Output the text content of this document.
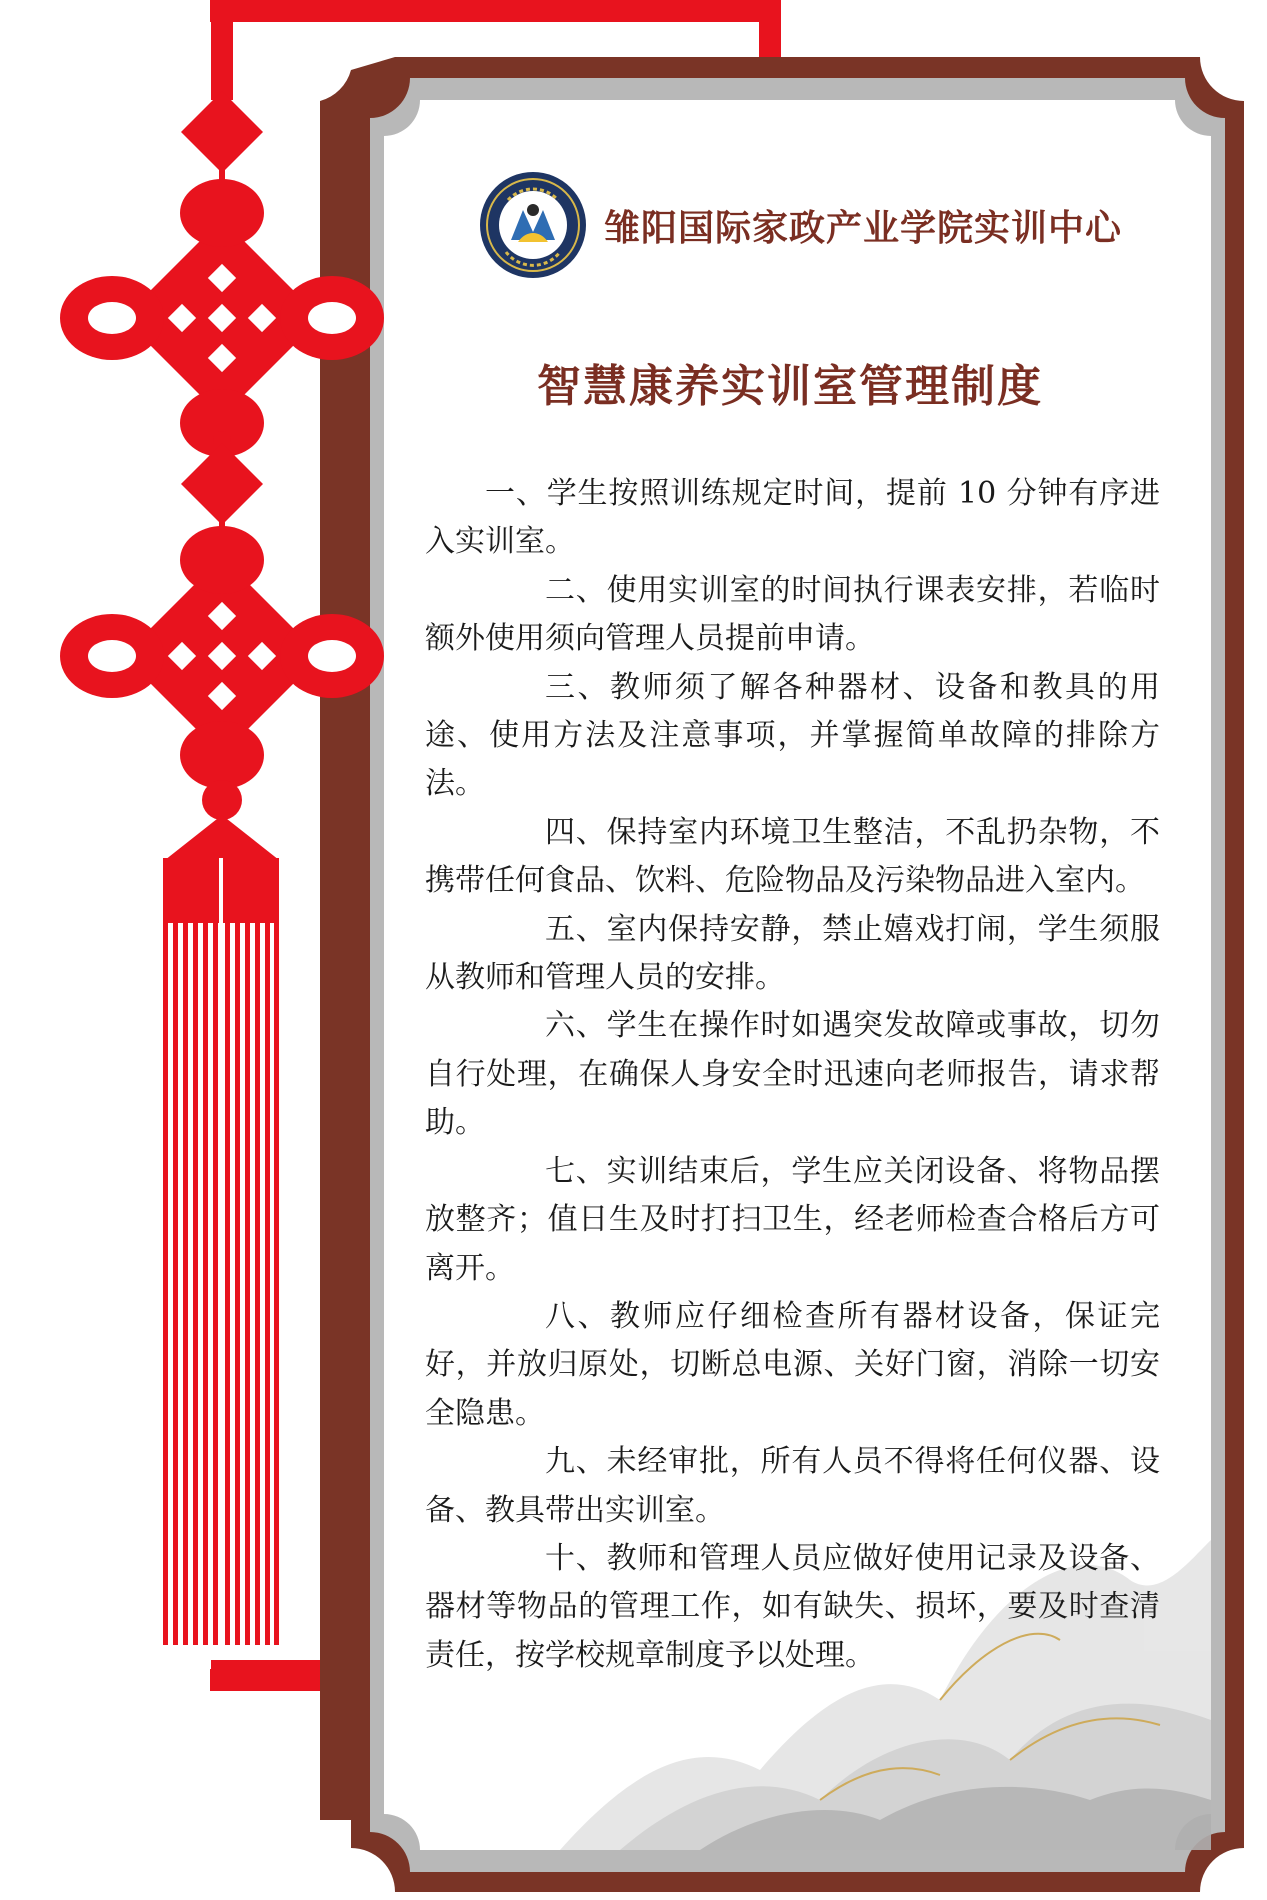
雏阳国际家政产业学院实训中心
智慧康养实训室管理制度

一、学生按照训练规定时间，提前 10 分钟有序进入实训室。

二、使用实训室的时间执行课表安排，若临时额外使用须向管理人员提前申请。

三、教师须了解各种器材、设备和教具的用途、使用方法及注意事项，并掌握简单故障的排除方法。

四、保持室内环境卫生整洁，不乱扔杂物，不携带任何食品、饮料、危险物品及污染物品进入室内。

五、室内保持安静，禁止嬉戏打闹，学生须服从教师和管理人员的安排。

六、学生在操作时如遇突发故障或事故，切勿自行处理，在确保人身安全时迅速向老师报告，请求帮助。

七、实训结束后，学生应关闭设备、将物品摆放整齐；值日生及时打扫卫生，经老师检查合格后方可离开。

八、教师应仔细检查所有器材设备，保证完好，并放归原处，切断总电源、关好门窗，消除一切安全隐患。

九、未经审批，所有人员不得将任何仪器、设备、教具带出实训室。

十、教师和管理人员应做好使用记录及设备、器材等物品的管理工作，如有缺失、损坏，要及时查清责任，按学校规章制度予以处理。
